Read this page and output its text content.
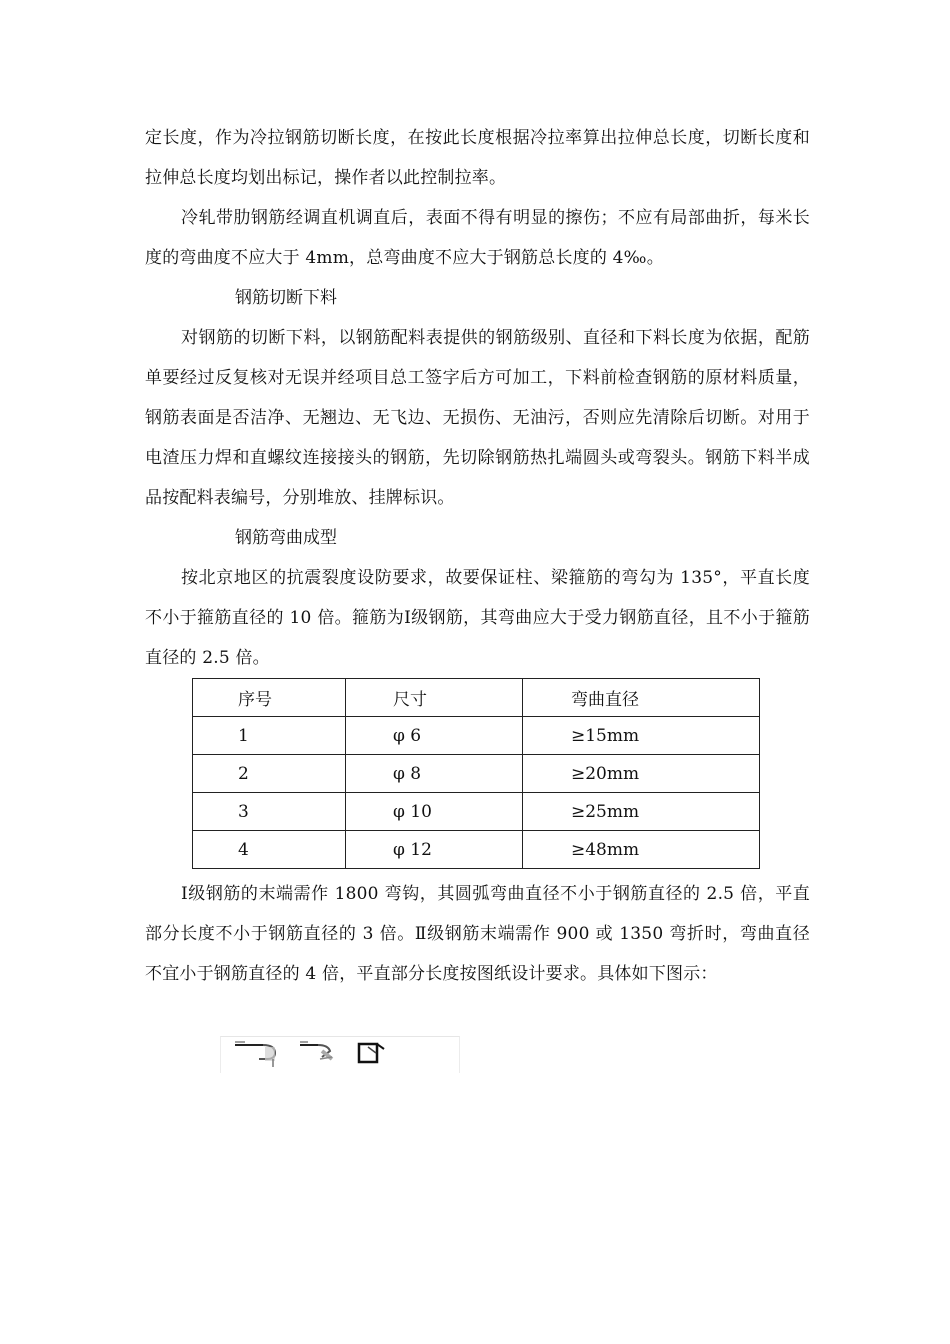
定长度，作为冷拉钢筋切断长度，在按此长度根据冷拉率算出拉伸总长度，切断长度和拉伸总长度均划出标记，操作者以此控制拉率。

冷轧带肋钢筋经调直机调直后，表面不得有明显的擦伤；不应有局部曲折，每米长度的弯曲度不应大于 4mm，总弯曲度不应大于钢筋总长度的 4‰。

钢筋切断下料

对钢筋的切断下料，以钢筋配料表提供的钢筋级别、直径和下料长度为依据，配筋单要经过反复核对无误并经项目总工签字后方可加工，下料前检查钢筋的原材料质量，钢筋表面是否洁净、无翘边、无飞边、无损伤、无油污，否则应先清除后切断。对用于电渣压力焊和直螺纹连接接头的钢筋，先切除钢筋热扎端圆头或弯裂头。钢筋下料半成品按配料表编号，分别堆放、挂牌标识。

钢筋弯曲成型

按北京地区的抗震裂度设防要求，故要保证柱、梁箍筋的弯勾为 135°，平直长度不小于箍筋直径的 10 倍。箍筋为Ⅰ级钢筋，其弯曲应大于受力钢筋直径，且不小于箍筋直径的 2.5 倍。

序号	尺寸	弯曲直径
1	φ 6	≥15mm
2	φ 8	≥20mm
3	φ 10	≥25mm
4	φ 12	≥48mm

Ⅰ级钢筋的末端需作 1800 弯钩，其圆弧弯曲直径不小于钢筋直径的 2.5 倍，平直部分长度不小于钢筋直径的 3 倍。Ⅱ级钢筋末端需作 900 或 1350 弯折时，弯曲直径不宜小于钢筋直径的 4 倍，平直部分长度按图纸设计要求。具体如下图示：
